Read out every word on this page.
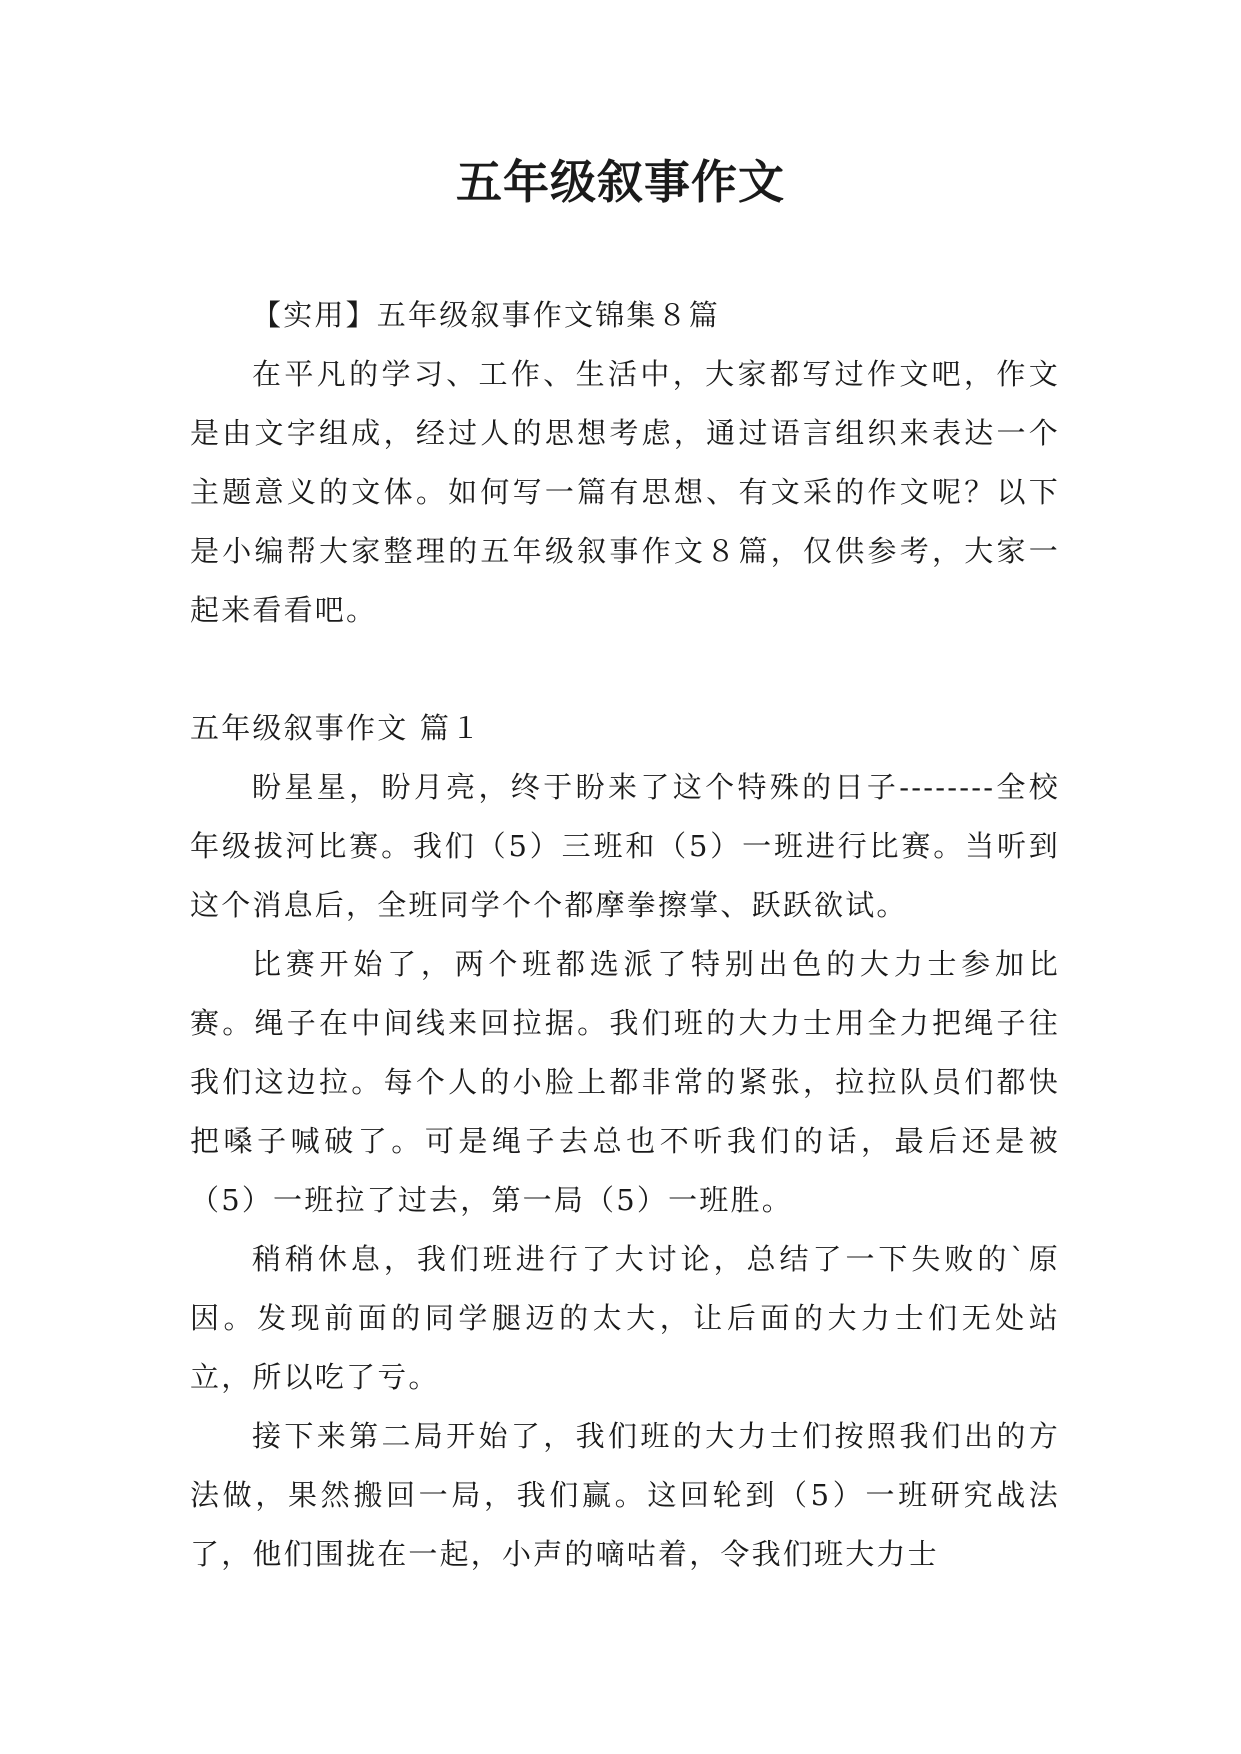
五年级叙事作文

【实用】五年级叙事作文锦集８篇

在平凡的学习、工作、生活中，大家都写过作文吧，作文是由文字组成，经过人的思想考虑，通过语言组织来表达一个主题意义的文体。如何写一篇有思想、有文采的作文呢？以下是小编帮大家整理的五年级叙事作文８篇，仅供参考，大家一起来看看吧。

五年级叙事作文 篇１

盼星星，盼月亮，终于盼来了这个特殊的日子--------全校年级拔河比赛。我们（5）三班和（5）一班进行比赛。当听到这个消息后，全班同学个个都摩拳擦掌、跃跃欲试。

比赛开始了，两个班都选派了特别出色的大力士参加比赛。绳子在中间线来回拉据。我们班的大力士用全力把绳子往我们这边拉。每个人的小脸上都非常的紧张，拉拉队员们都快把嗓子喊破了。可是绳子去总也不听我们的话，最后还是被（5）一班拉了过去，第一局（5）一班胜。

稍稍休息，我们班进行了大讨论，总结了一下失败的`原因。发现前面的同学腿迈的太大，让后面的大力士们无处站立，所以吃了亏。

接下来第二局开始了，我们班的大力士们按照我们出的方法做，果然搬回一局，我们赢。这回轮到（5）一班研究战法了，他们围拢在一起，小声的嘀咕着，令我们班大力士
